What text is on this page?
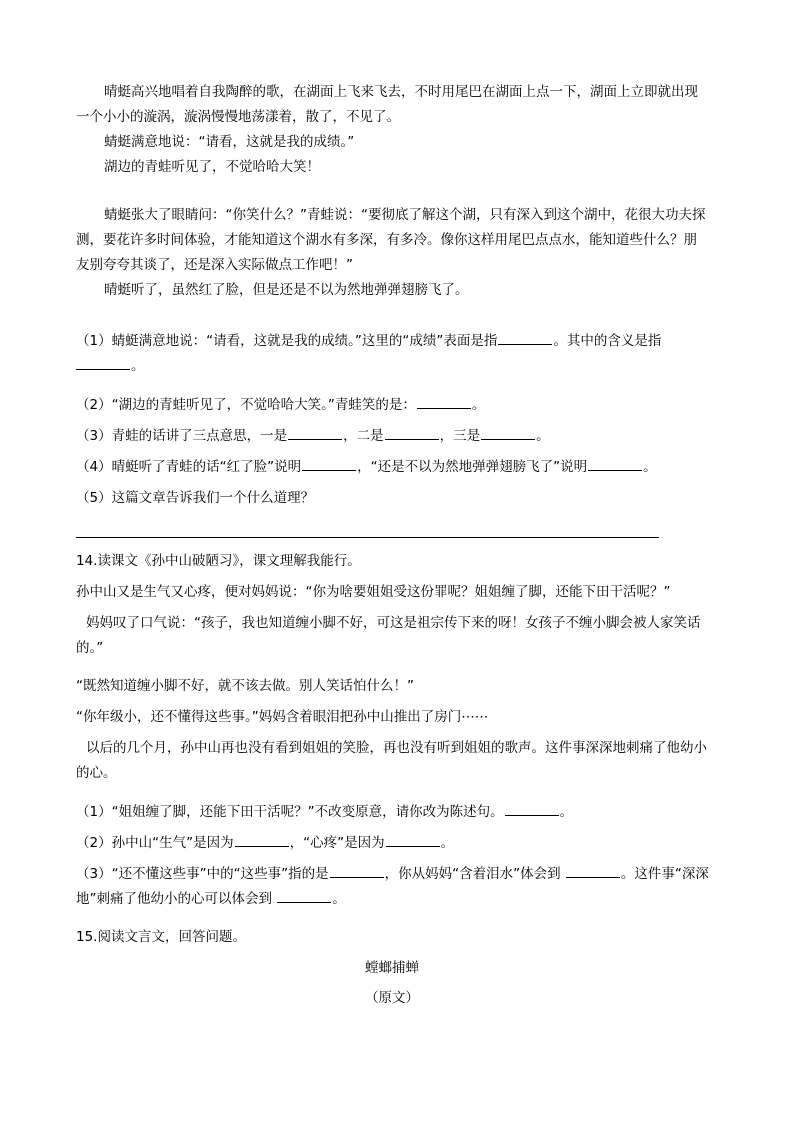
晴蜓高兴地唱着自我陶醉的歌，在湖面上飞来飞去，不时用尾巴在湖面上点一下，湖面上立即就出现一个小小的漩涡，漩涡慢慢地荡漾着，散了，不见了。

蜻蜓满意地说：“请看，这就是我的成绩。”

湖边的青蛙听见了，不觉哈哈大笑！

蜻蜓张大了眼睛问：“你笑什么？”青蛙说：“要彻底了解这个湖，只有深入到这个湖中，花很大功夫探测，要花许多时间体验，才能知道这个湖水有多深，有多冷。像你这样用尾巴点点水，能知道些什么？朋友别夸夸其谈了，还是深入实际做点工作吧！”

晴蜓听了，虽然红了脸，但是还是不以为然地弹弹翅膀飞了。

（1）蜻蜓满意地说：“请看，这就是我的成绩。”这里的“成绩”表面是指	。其中的含义是指
。
（2）“湖边的青蛙听见了，不觉哈哈大笑。”青蛙笑的是：	。
（3）青蛙的话讲了三点意思，一是	，二是	，三是	。
（4）晴蜓听了青蛙的话“红了脸”说明	，“还是不以为然地弹弹翅膀飞了”说明	。
（5）这篇文章告诉我们一个什么道理？
14.读课文《孙中山破陋习》，课文理解我能行。

孙中山又是生气又心疼，便对妈妈说：“你为啥要姐姐受这份罪呢？姐姐缠了脚，还能下田干活呢？”

妈妈叹了口气说：“孩子，我也知道缠小脚不好，可这是祖宗传下来的呀！女孩子不缠小脚会被人家笑话的。”

“既然知道缠小脚不好，就不该去做。别人笑话怕什么！”

“你年级小，还不懂得这些事。”妈妈含着眼泪把孙中山推出了房门⋯⋯

以后的几个月，孙中山再也没有看到姐姐的笑脸，再也没有听到姐姐的歌声。这件事深深地刺痛了他幼小的心。

（1）“姐姐缠了脚，还能下田干活呢？”不改变原意，请你改为陈述句。	。
（2）孙中山“生气”是因为	，“心疼”是因为	。
（3）“还不懂这些事”中的“这些事”指的是	，你从妈妈“含着泪水”体会到	。这件事“深深地”刺痛了他幼小的心可以体会到	。
15.阅读文言文，回答问题。
螳螂捕蝉
（原文）
